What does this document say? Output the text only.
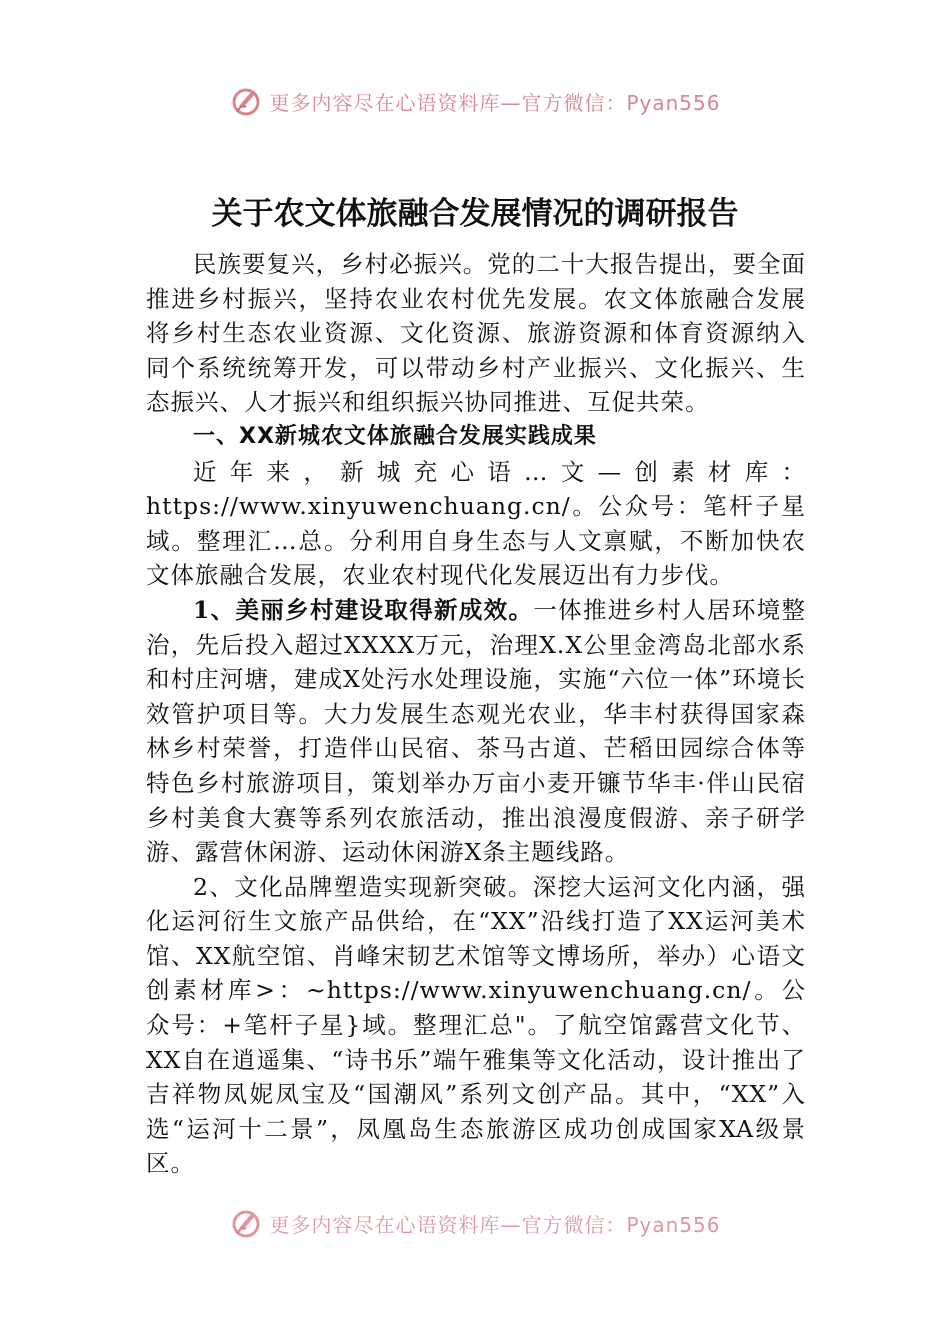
更多内容尽在心语资料库—官方微信：Pyan556
关于农文体旅融合发展情况的调研报告

民族要复兴，乡村必振兴。党的二十大报告提出，要全面推进乡村振兴，坚持农业农村优先发展。农文体旅融合发展将乡村生态农业资源、文化资源、旅游资源和体育资源纳入同个系统统筹开发，可以带动乡村产业振兴、文化振兴、生态振兴、人才振兴和组织振兴协同推进、互促共荣。

一、XX新城农文体旅融合发展实践成果

近年来，新城充心语…文—创素材库：https://www.xinyuwenchuang.cn/。公众号：笔杆子星域。整理汇…总。分利用自身生态与人文禀赋，不断加快农文体旅融合发展，农业农村现代化发展迈出有力步伐。

1、美丽乡村建设取得新成效。一体推进乡村人居环境整治，先后投入超过XXXX万元，治理X.X公里金湾岛北部水系和村庄河塘，建成X处污水处理设施，实施“六位一体”环境长效管护项目等。大力发展生态观光农业，华丰村获得国家森林乡村荣誉，打造伴山民宿、茶马古道、芒稻田园综合体等特色乡村旅游项目，策划举办万亩小麦开镰节华丰·伴山民宿乡村美食大赛等系列农旅活动，推出浪漫度假游、亲子研学游、露营休闲游、运动休闲游X条主题线路。

2、文化品牌塑造实现新突破。深挖大运河文化内涵，强化运河衍生文旅产品供给，在“XX”沿线打造了XX运河美术馆、XX航空馆、肖峰宋韧艺术馆等文博场所，举办）心语文创素材库>：~https://www.xinyuwenchuang.cn/。公众号：+笔杆子星}域。整理汇总"。了航空馆露营文化节、XX自在逍遥集、“诗书乐”端午雅集等文化活动，设计推出了吉祥物凤妮凤宝及“国潮风”系列文创产品。其中，“XX”入选“运河十二景”，凤凰岛生态旅游区成功创成国家XA级景区。

更多内容尽在心语资料库—官方微信：Pyan556
